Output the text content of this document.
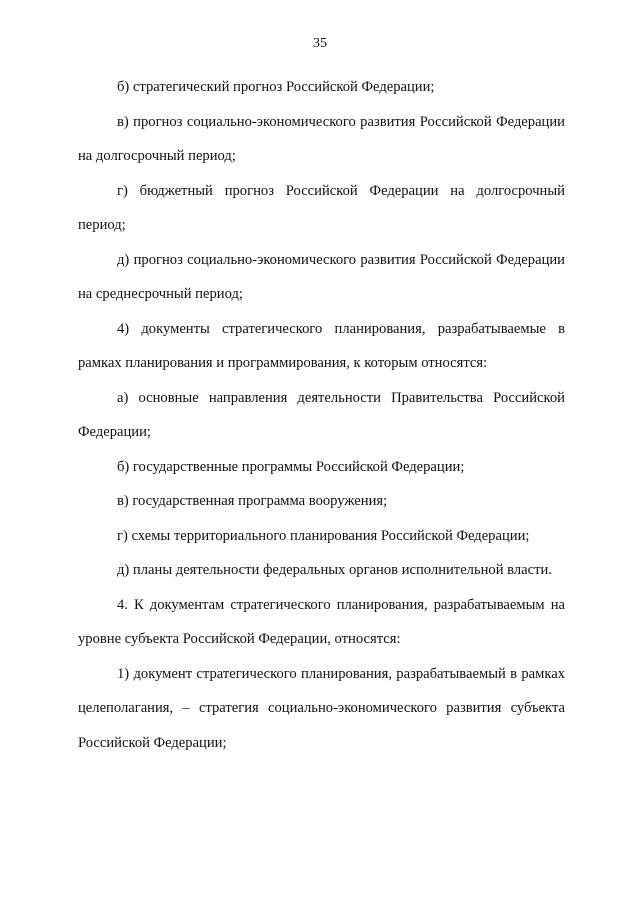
35

б) стратегический прогноз Российской Федерации;

в) прогноз социально-экономического развития Российской Федерации на долгосрочный период;

г) бюджетный прогноз Российской Федерации на долгосрочный период;

д) прогноз социально-экономического развития Российской Федерации на среднесрочный период;

4) документы стратегического планирования, разрабатываемые в рамках планирования и программирования, к которым относятся:

а) основные направления деятельности Правительства Российской Федерации;

б) государственные программы Российской Федерации;

в) государственная программа вооружения;

г) схемы территориального планирования Российской Федерации;

д) планы деятельности федеральных органов исполнительной власти.

4. К документам стратегического планирования, разрабатываемым на уровне субъекта Российской Федерации, относятся:

1) документ стратегического планирования, разрабатываемый в рамках целеполагания, – стратегия социально-экономического развития субъекта Российской Федерации;
